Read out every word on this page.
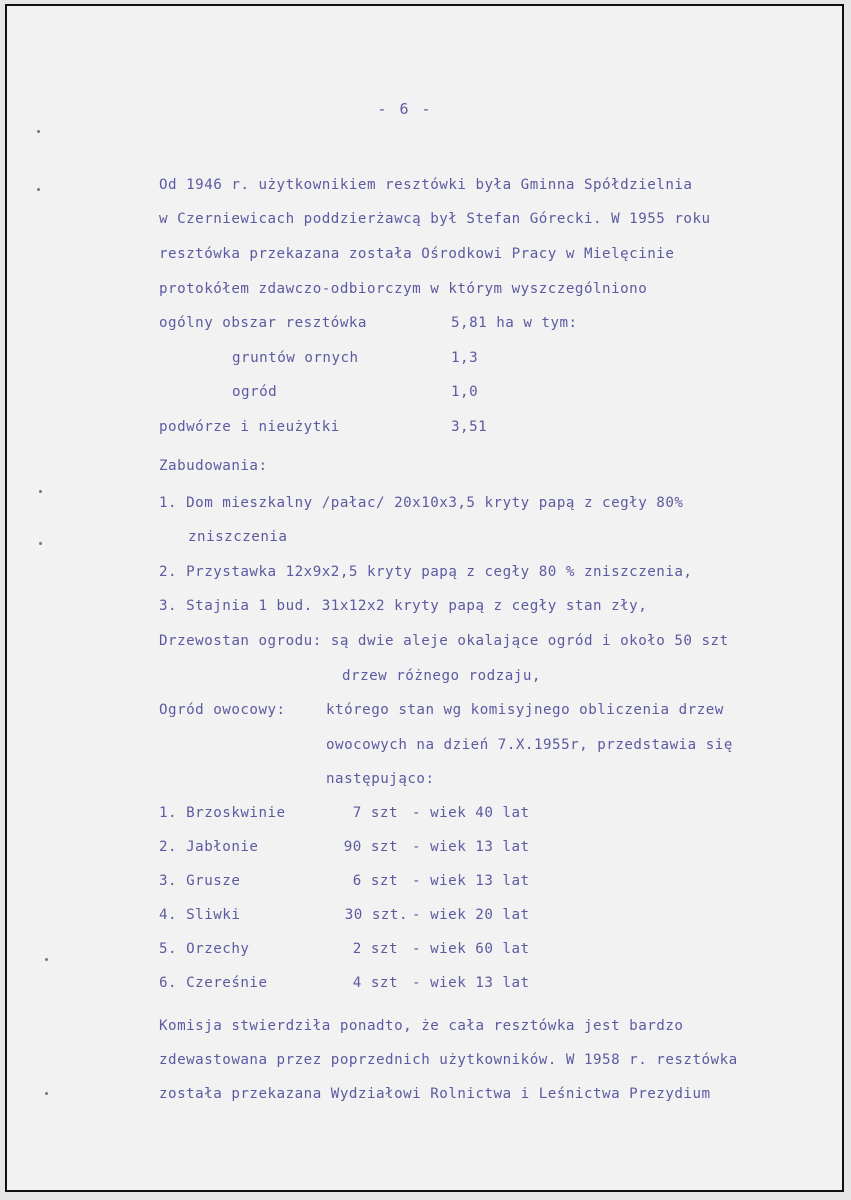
- 6 -
Od 1946 r. użytkownikiem resztówki była Gminna Spółdzielnia
w Czerniewicach poddzierżawcą był Stefan Górecki. W 1955 roku
resztówka przekazana została Ośrodkowi Pracy w Mielęcinie
protokółem zdawczo-odbiorczym w którym wyszczególniono
ogólny obszar resztówka	5,81 ha w tym:
gruntów ornych	1,3
ogród	1,0
podwórze i nieużytki	3,51
Zabudowania:
1. Dom mieszkalny /pałac/ 20x10x3,5 kryty papą z cegły 80%
zniszczenia
2. Przystawka 12x9x2,5 kryty papą z cegły 80 % zniszczenia,
3. Stajnia 1 bud. 31x12x2 kryty papą z cegły stan zły,
Drzewostan ogrodu: są dwie aleje okalające ogród i około 50 szt
drzew różnego rodzaju,
Ogród owocowy:	którego stan wg komisyjnego obliczenia drzew
owocowych na dzień 7.X.1955r, przedstawia się
następująco:
1. Brzoskwinie	7 szt - wiek 40 lat
2. Jabłonie	90 szt - wiek 13 lat
3. Grusze	6 szt - wiek 13 lat
4. Sliwki	30 szt. - wiek 20 lat
5. Orzechy	2 szt - wiek 60 lat
6. Czereśnie	4 szt - wiek 13 lat
Komisja stwierdziła ponadto, że cała resztówka jest bardzo
zdewastowana przez poprzednich użytkowników. W 1958 r. resztówka
została przekazana Wydziałowi Rolnictwa i Leśnictwa Prezydium
